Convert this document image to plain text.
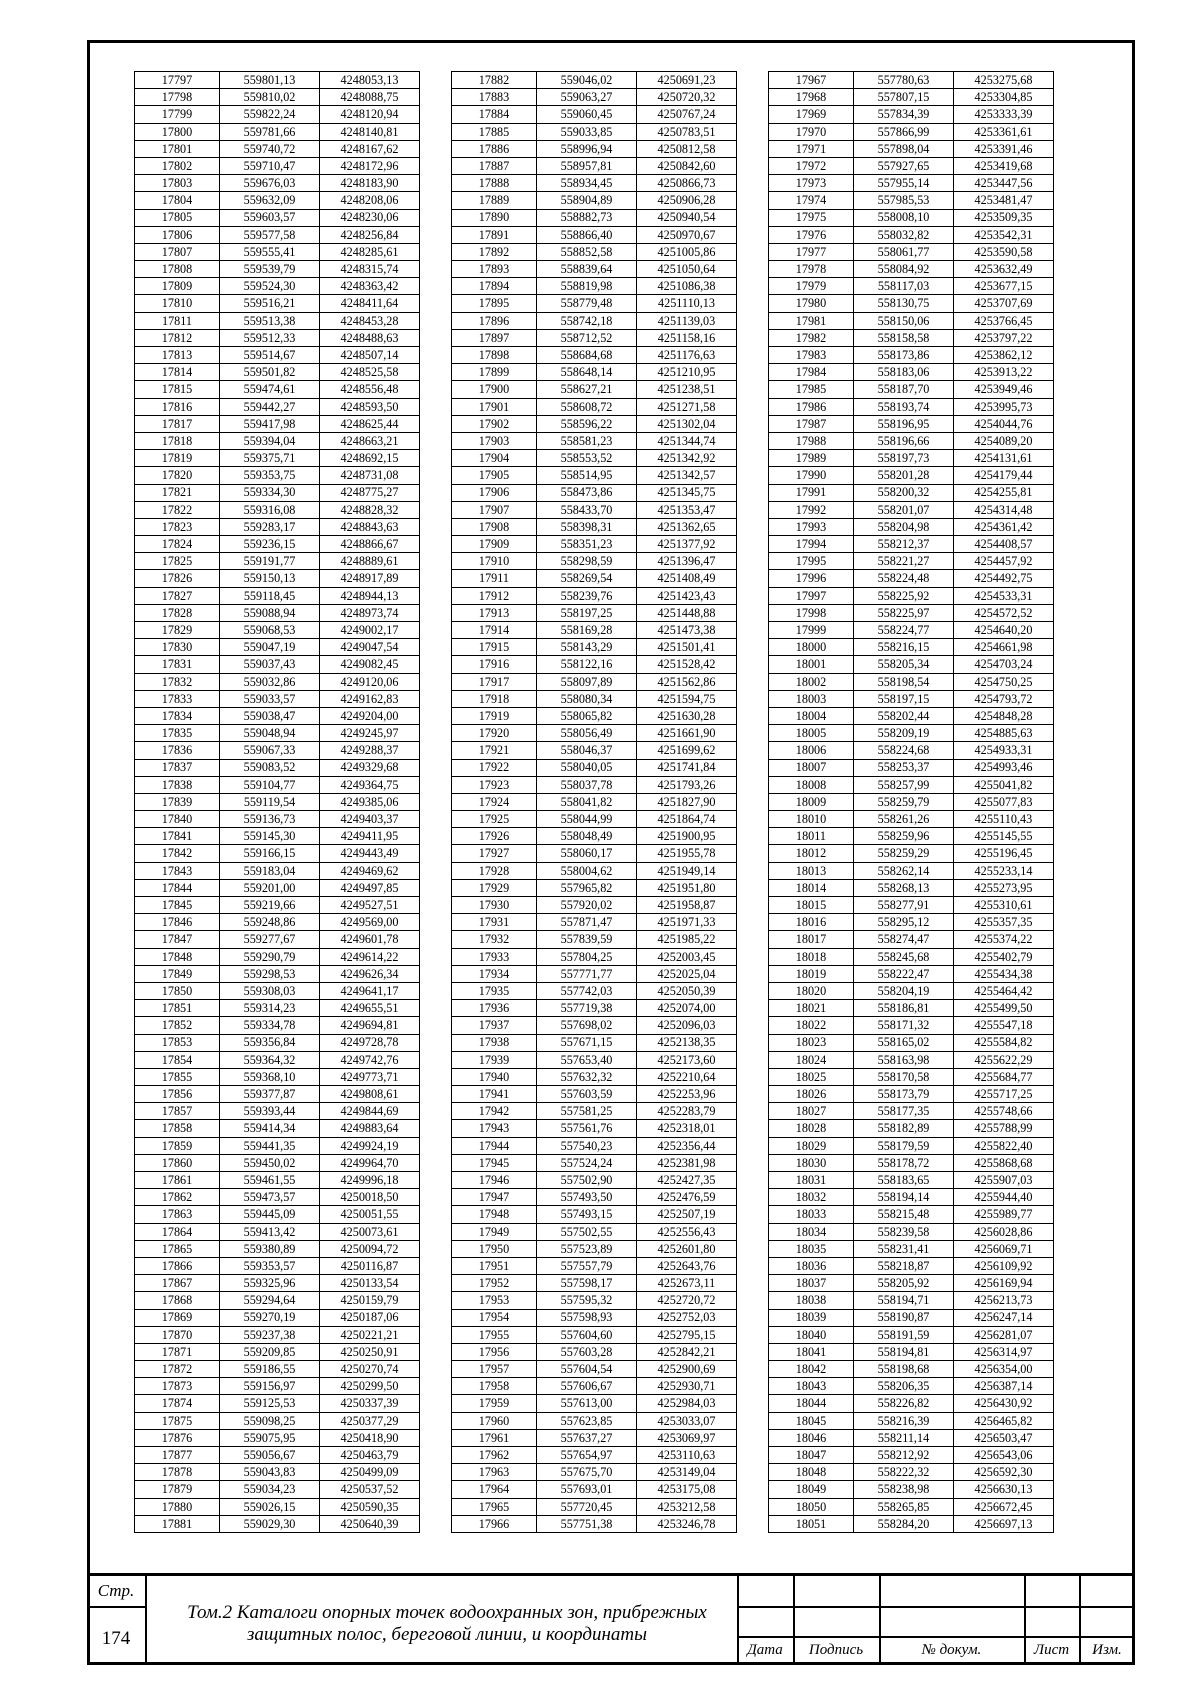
17797	559801,13	4248053,13
17798	559810,02	4248088,75
17799	559822,24	4248120,94
17800	559781,66	4248140,81
17801	559740,72	4248167,62
17802	559710,47	4248172,96
17803	559676,03	4248183,90
17804	559632,09	4248208,06
17805	559603,57	4248230,06
17806	559577,58	4248256,84
17807	559555,41	4248285,61
17808	559539,79	4248315,74
17809	559524,30	4248363,42
17810	559516,21	4248411,64
17811	559513,38	4248453,28
17812	559512,33	4248488,63
17813	559514,67	4248507,14
17814	559501,82	4248525,58
17815	559474,61	4248556,48
17816	559442,27	4248593,50
17817	559417,98	4248625,44
17818	559394,04	4248663,21
17819	559375,71	4248692,15
17820	559353,75	4248731,08
17821	559334,30	4248775,27
17822	559316,08	4248828,32
17823	559283,17	4248843,63
17824	559236,15	4248866,67
17825	559191,77	4248889,61
17826	559150,13	4248917,89
17827	559118,45	4248944,13
17828	559088,94	4248973,74
17829	559068,53	4249002,17
17830	559047,19	4249047,54
17831	559037,43	4249082,45
17832	559032,86	4249120,06
17833	559033,57	4249162,83
17834	559038,47	4249204,00
17835	559048,94	4249245,97
17836	559067,33	4249288,37
17837	559083,52	4249329,68
17838	559104,77	4249364,75
17839	559119,54	4249385,06
17840	559136,73	4249403,37
17841	559145,30	4249411,95
17842	559166,15	4249443,49
17843	559183,04	4249469,62
17844	559201,00	4249497,85
17845	559219,66	4249527,51
17846	559248,86	4249569,00
17847	559277,67	4249601,78
17848	559290,79	4249614,22
17849	559298,53	4249626,34
17850	559308,03	4249641,17
17851	559314,23	4249655,51
17852	559334,78	4249694,81
17853	559356,84	4249728,78
17854	559364,32	4249742,76
17855	559368,10	4249773,71
17856	559377,87	4249808,61
17857	559393,44	4249844,69
17858	559414,34	4249883,64
17859	559441,35	4249924,19
17860	559450,02	4249964,70
17861	559461,55	4249996,18
17862	559473,57	4250018,50
17863	559445,09	4250051,55
17864	559413,42	4250073,61
17865	559380,89	4250094,72
17866	559353,57	4250116,87
17867	559325,96	4250133,54
17868	559294,64	4250159,79
17869	559270,19	4250187,06
17870	559237,38	4250221,21
17871	559209,85	4250250,91
17872	559186,55	4250270,74
17873	559156,97	4250299,50
17874	559125,53	4250337,39
17875	559098,25	4250377,29
17876	559075,95	4250418,90
17877	559056,67	4250463,79
17878	559043,83	4250499,09
17879	559034,23	4250537,52
17880	559026,15	4250590,35
17881	559029,30	4250640,39
17882	559046,02	4250691,23
17883	559063,27	4250720,32
17884	559060,45	4250767,24
17885	559033,85	4250783,51
17886	558996,94	4250812,58
17887	558957,81	4250842,60
17888	558934,45	4250866,73
17889	558904,89	4250906,28
17890	558882,73	4250940,54
17891	558866,40	4250970,67
17892	558852,58	4251005,86
17893	558839,64	4251050,64
17894	558819,98	4251086,38
17895	558779,48	4251110,13
17896	558742,18	4251139,03
17897	558712,52	4251158,16
17898	558684,68	4251176,63
17899	558648,14	4251210,95
17900	558627,21	4251238,51
17901	558608,72	4251271,58
17902	558596,22	4251302,04
17903	558581,23	4251344,74
17904	558553,52	4251342,92
17905	558514,95	4251342,57
17906	558473,86	4251345,75
17907	558433,70	4251353,47
17908	558398,31	4251362,65
17909	558351,23	4251377,92
17910	558298,59	4251396,47
17911	558269,54	4251408,49
17912	558239,76	4251423,43
17913	558197,25	4251448,88
17914	558169,28	4251473,38
17915	558143,29	4251501,41
17916	558122,16	4251528,42
17917	558097,89	4251562,86
17918	558080,34	4251594,75
17919	558065,82	4251630,28
17920	558056,49	4251661,90
17921	558046,37	4251699,62
17922	558040,05	4251741,84
17923	558037,78	4251793,26
17924	558041,82	4251827,90
17925	558044,99	4251864,74
17926	558048,49	4251900,95
17927	558060,17	4251955,78
17928	558004,62	4251949,14
17929	557965,82	4251951,80
17930	557920,02	4251958,87
17931	557871,47	4251971,33
17932	557839,59	4251985,22
17933	557804,25	4252003,45
17934	557771,77	4252025,04
17935	557742,03	4252050,39
17936	557719,38	4252074,00
17937	557698,02	4252096,03
17938	557671,15	4252138,35
17939	557653,40	4252173,60
17940	557632,32	4252210,64
17941	557603,59	4252253,96
17942	557581,25	4252283,79
17943	557561,76	4252318,01
17944	557540,23	4252356,44
17945	557524,24	4252381,98
17946	557502,90	4252427,35
17947	557493,50	4252476,59
17948	557493,15	4252507,19
17949	557502,55	4252556,43
17950	557523,89	4252601,80
17951	557557,79	4252643,76
17952	557598,17	4252673,11
17953	557595,32	4252720,72
17954	557598,93	4252752,03
17955	557604,60	4252795,15
17956	557603,28	4252842,21
17957	557604,54	4252900,69
17958	557606,67	4252930,71
17959	557613,00	4252984,03
17960	557623,85	4253033,07
17961	557637,27	4253069,97
17962	557654,97	4253110,63
17963	557675,70	4253149,04
17964	557693,01	4253175,08
17965	557720,45	4253212,58
17966	557751,38	4253246,78
17967	557780,63	4253275,68
17968	557807,15	4253304,85
17969	557834,39	4253333,39
17970	557866,99	4253361,61
17971	557898,04	4253391,46
17972	557927,65	4253419,68
17973	557955,14	4253447,56
17974	557985,53	4253481,47
17975	558008,10	4253509,35
17976	558032,82	4253542,31
17977	558061,77	4253590,58
17978	558084,92	4253632,49
17979	558117,03	4253677,15
17980	558130,75	4253707,69
17981	558150,06	4253766,45
17982	558158,58	4253797,22
17983	558173,86	4253862,12
17984	558183,06	4253913,22
17985	558187,70	4253949,46
17986	558193,74	4253995,73
17987	558196,95	4254044,76
17988	558196,66	4254089,20
17989	558197,73	4254131,61
17990	558201,28	4254179,44
17991	558200,32	4254255,81
17992	558201,07	4254314,48
17993	558204,98	4254361,42
17994	558212,37	4254408,57
17995	558221,27	4254457,92
17996	558224,48	4254492,75
17997	558225,92	4254533,31
17998	558225,97	4254572,52
17999	558224,77	4254640,20
18000	558216,15	4254661,98
18001	558205,34	4254703,24
18002	558198,54	4254750,25
18003	558197,15	4254793,72
18004	558202,44	4254848,28
18005	558209,19	4254885,63
18006	558224,68	4254933,31
18007	558253,37	4254993,46
18008	558257,99	4255041,82
18009	558259,79	4255077,83
18010	558261,26	4255110,43
18011	558259,96	4255145,55
18012	558259,29	4255196,45
18013	558262,14	4255233,14
18014	558268,13	4255273,95
18015	558277,91	4255310,61
18016	558295,12	4255357,35
18017	558274,47	4255374,22
18018	558245,68	4255402,79
18019	558222,47	4255434,38
18020	558204,19	4255464,42
18021	558186,81	4255499,50
18022	558171,32	4255547,18
18023	558165,02	4255584,82
18024	558163,98	4255622,29
18025	558170,58	4255684,77
18026	558173,79	4255717,25
18027	558177,35	4255748,66
18028	558182,89	4255788,99
18029	558179,59	4255822,40
18030	558178,72	4255868,68
18031	558183,65	4255907,03
18032	558194,14	4255944,40
18033	558215,48	4255989,77
18034	558239,58	4256028,86
18035	558231,41	4256069,71
18036	558218,87	4256109,92
18037	558205,92	4256169,94
18038	558194,71	4256213,73
18039	558190,87	4256247,14
18040	558191,59	4256281,07
18041	558194,81	4256314,97
18042	558198,68	4256354,00
18043	558206,35	4256387,14
18044	558226,82	4256430,92
18045	558216,39	4256465,82
18046	558211,14	4256503,47
18047	558212,92	4256543,06
18048	558222,32	4256592,30
18049	558238,98	4256630,13
18050	558265,85	4256672,45
18051	558284,20	4256697,13
Стр.
174
Том.2 Каталоги опорных точек водоохранных зон, прибрежных защитных полос, береговой линии, и координаты
Дата	Подпись	№ докум.	Лист	Изм.
